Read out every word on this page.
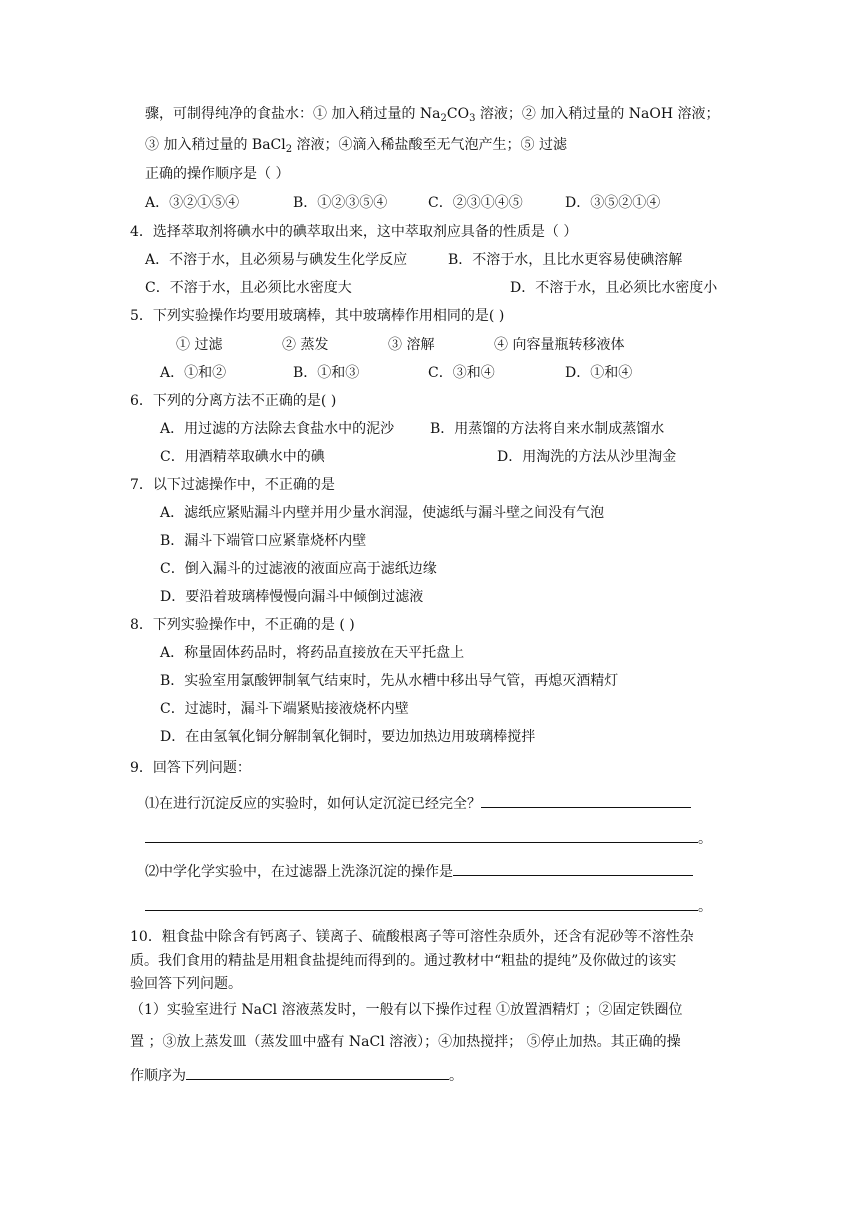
骤，可制得纯净的食盐水：① 加入稍过量的 $Na_2CO_3$ 溶液；② 加入稍过量的 NaOH 溶液；
③ 加入稍过量的 BaCl$_2$ 溶液；④滴入稀盐酸至无气泡产生；⑤ 过滤
正确的操作顺序是（ ）
A．③②①⑤④	B．①②③⑤④	C．②③①④⑤	D．③⑤②①④
4．选择萃取剂将碘水中的碘萃取出来，这中萃取剂应具备的性质是（ ）
A．不溶于水，且必须易与碘发生化学反应	B．不溶于水，且比水更容易使碘溶解
C．不溶于水，且必须比水密度大	D．不溶于水，且必须比水密度小
5．下列实验操作均要用玻璃棒，其中玻璃棒作用相同的是( )
① 过滤	② 蒸发	③ 溶解	④ 向容量瓶转移液体
A．①和②	B．①和③	C．③和④	D．①和④
6．下列的分离方法不正确的是( )
A．用过滤的方法除去食盐水中的泥沙	B．用蒸馏的方法将自来水制成蒸馏水
C．用酒精萃取碘水中的碘	D．用淘洗的方法从沙里淘金
7．以下过滤操作中，不正确的是
A．滤纸应紧贴漏斗内壁并用少量水润湿，使滤纸与漏斗壁之间没有气泡
B．漏斗下端管口应紧靠烧杯内壁
C．倒入漏斗的过滤液的液面应高于滤纸边缘
D．要沿着玻璃棒慢慢向漏斗中倾倒过滤液
8．下列实验操作中，不正确的是 ( )
A．称量固体药品时，将药品直接放在天平托盘上
B．实验室用氯酸钾制氧气结束时，先从水槽中移出导气管，再熄灭酒精灯
C．过滤时，漏斗下端紧贴接液烧杯内壁
D．在由氢氧化铜分解制氧化铜时，要边加热边用玻璃棒搅拌
9．回答下列问题：
⑴在进行沉淀反应的实验时，如何认定沉淀已经完全？
。
⑵中学化学实验中，在过滤器上洗涤沉淀的操作是
。
10．粗食盐中除含有钙离子、镁离子、硫酸根离子等可溶性杂质外，还含有泥砂等不溶性杂
质。我们食用的精盐是用粗食盐提纯而得到的。通过教材中“粗盐的提纯”及你做过的该实
验回答下列问题。
（1）实验室进行 NaCl 溶液蒸发时，一般有以下操作过程 ①放置酒精灯 ；②固定铁圈位
置 ；③放上蒸发皿（蒸发皿中盛有 NaCl 溶液）；④加热搅拌； ⑤停止加热。其正确的操
作顺序为	。
